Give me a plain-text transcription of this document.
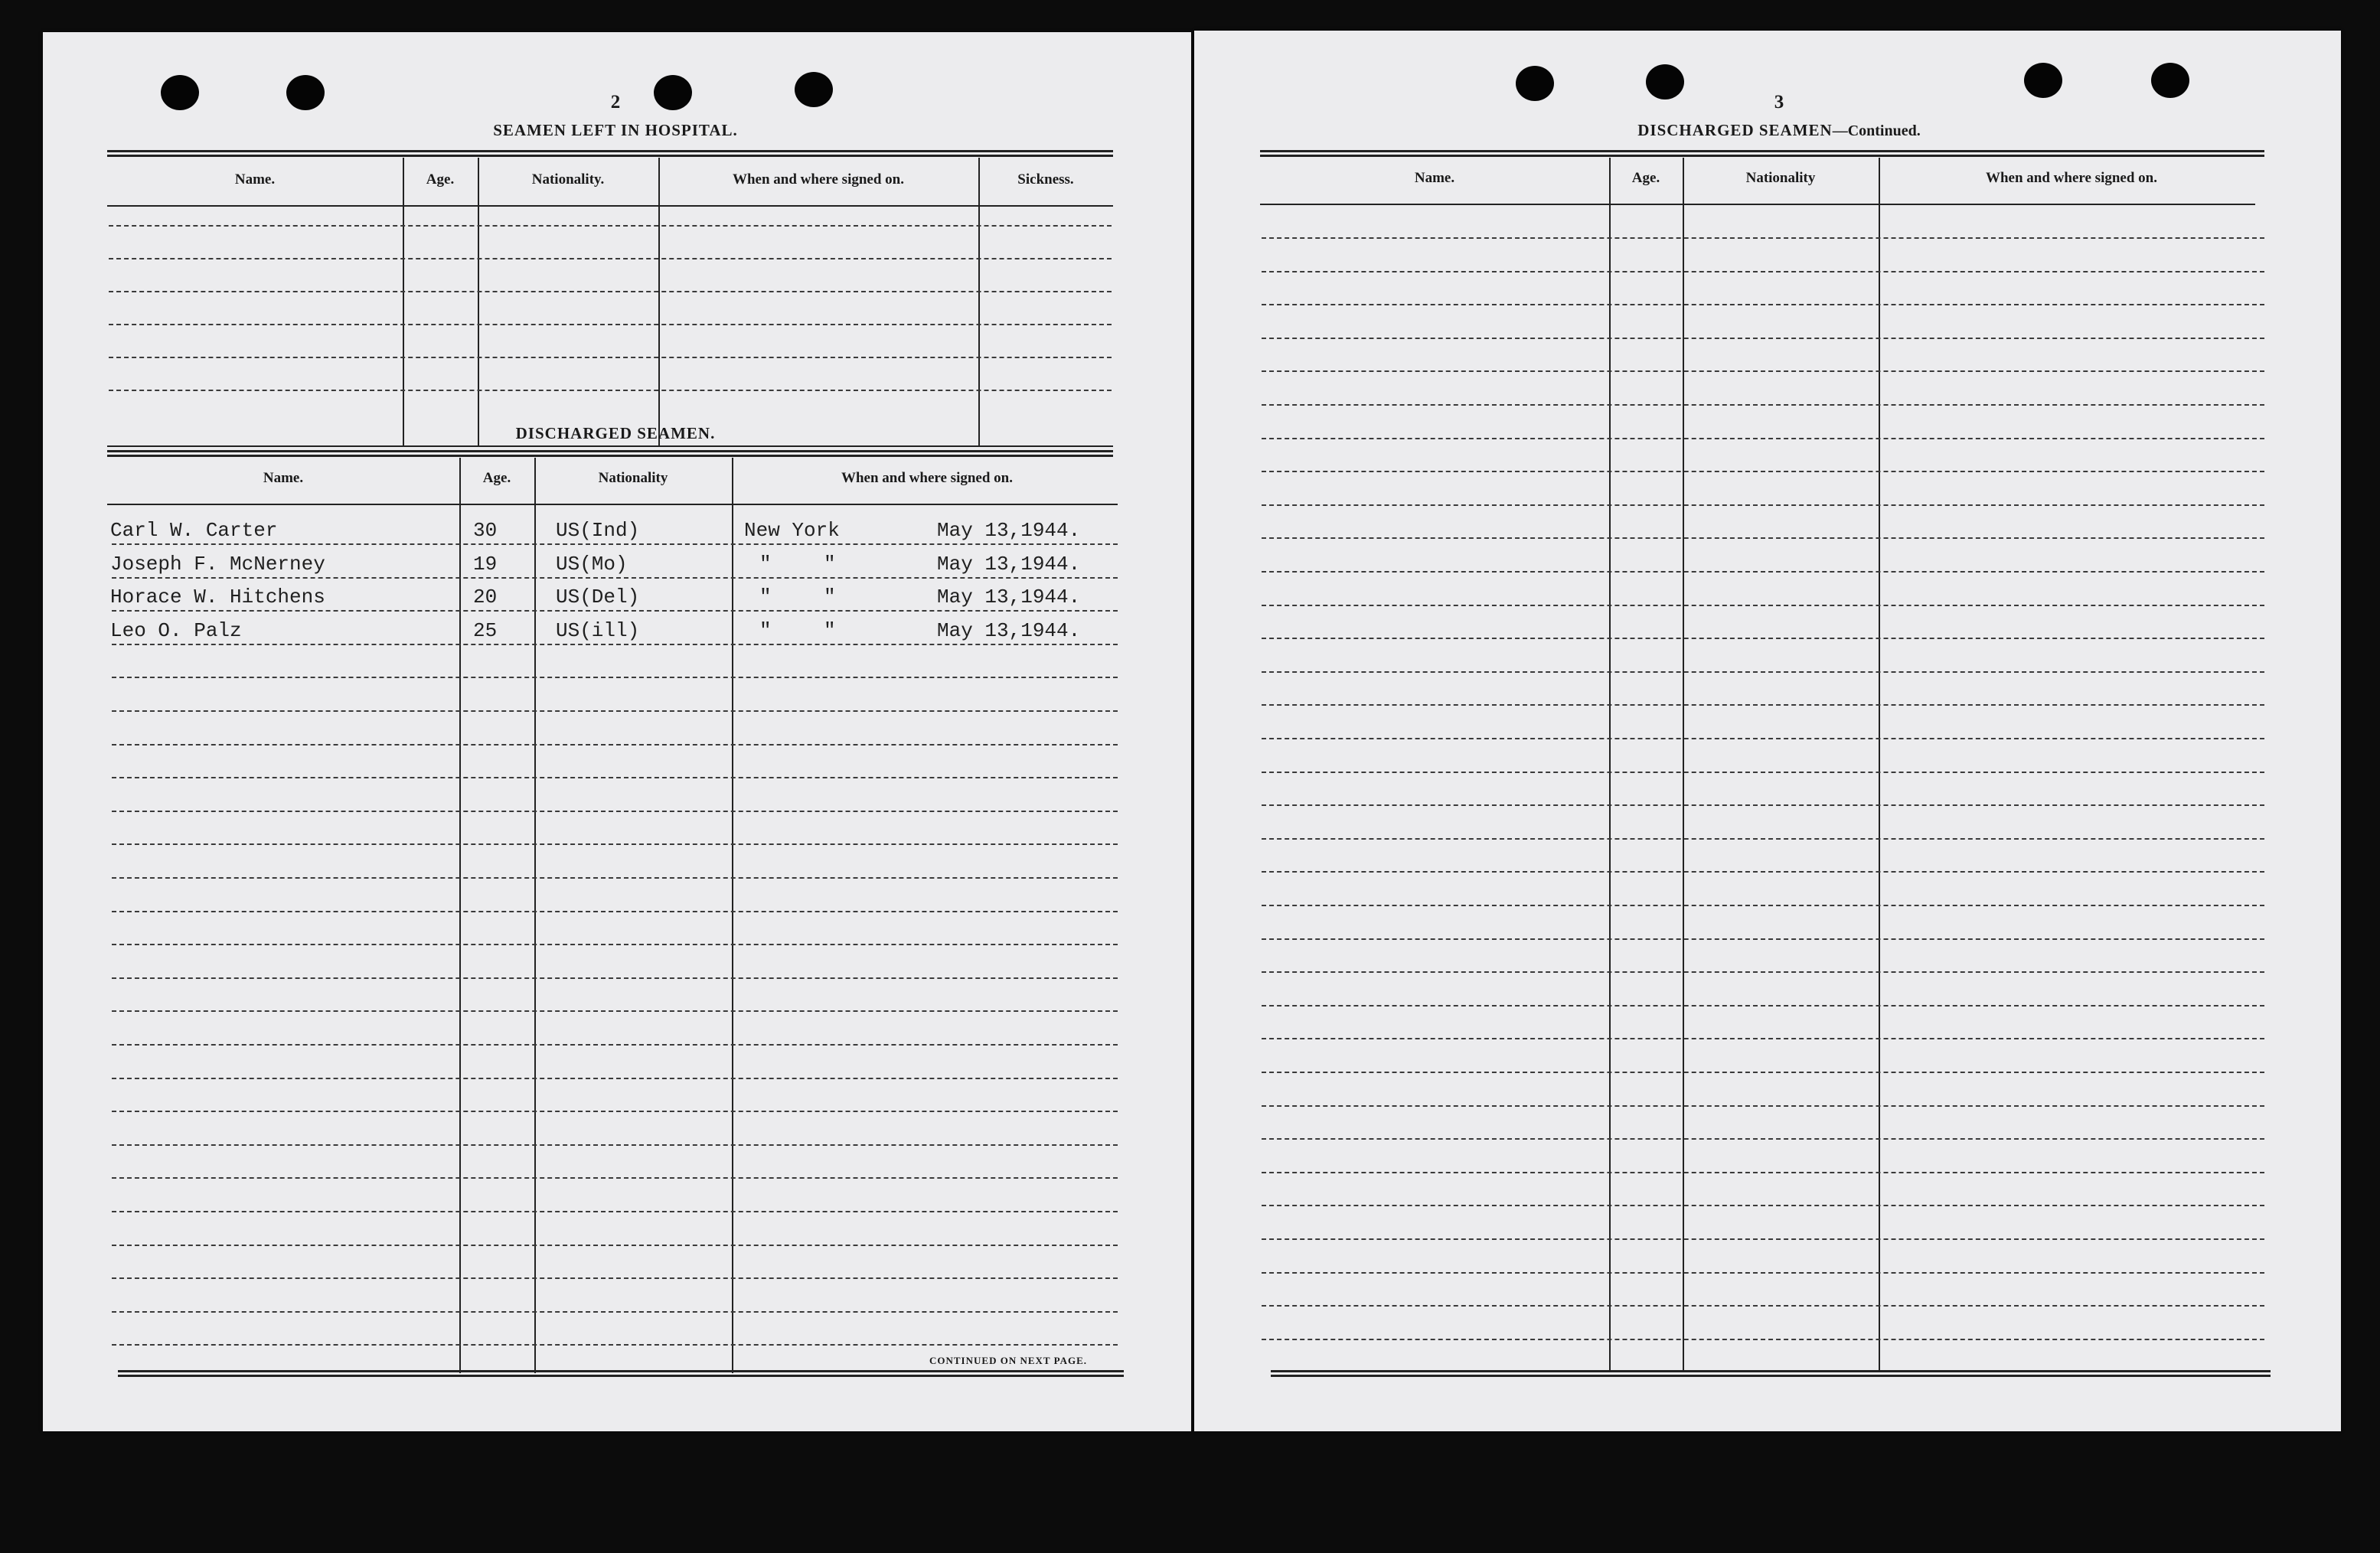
2
SEAMEN LEFT IN HOSPITAL.
Name.	Age.	Nationality.	When and where signed on.	Sickness.
DISCHARGED SEAMEN.
Name.	Age.	Nationality	When and where signed on.
Carl W. Carter	30	US(Ind)	New York	May 13,1944.
Joseph F. McNerney	19	US(Mo)	"	"	May 13,1944.
Horace W. Hitchens	20	US(Del)	"	"	May 13,1944.
Leo O. Palz	25	US(ill)	"	"	May 13,1944.
CONTINUED ON NEXT PAGE.
3
DISCHARGED SEAMEN—Continued.
Name.	Age.	Nationality	When and where signed on.
